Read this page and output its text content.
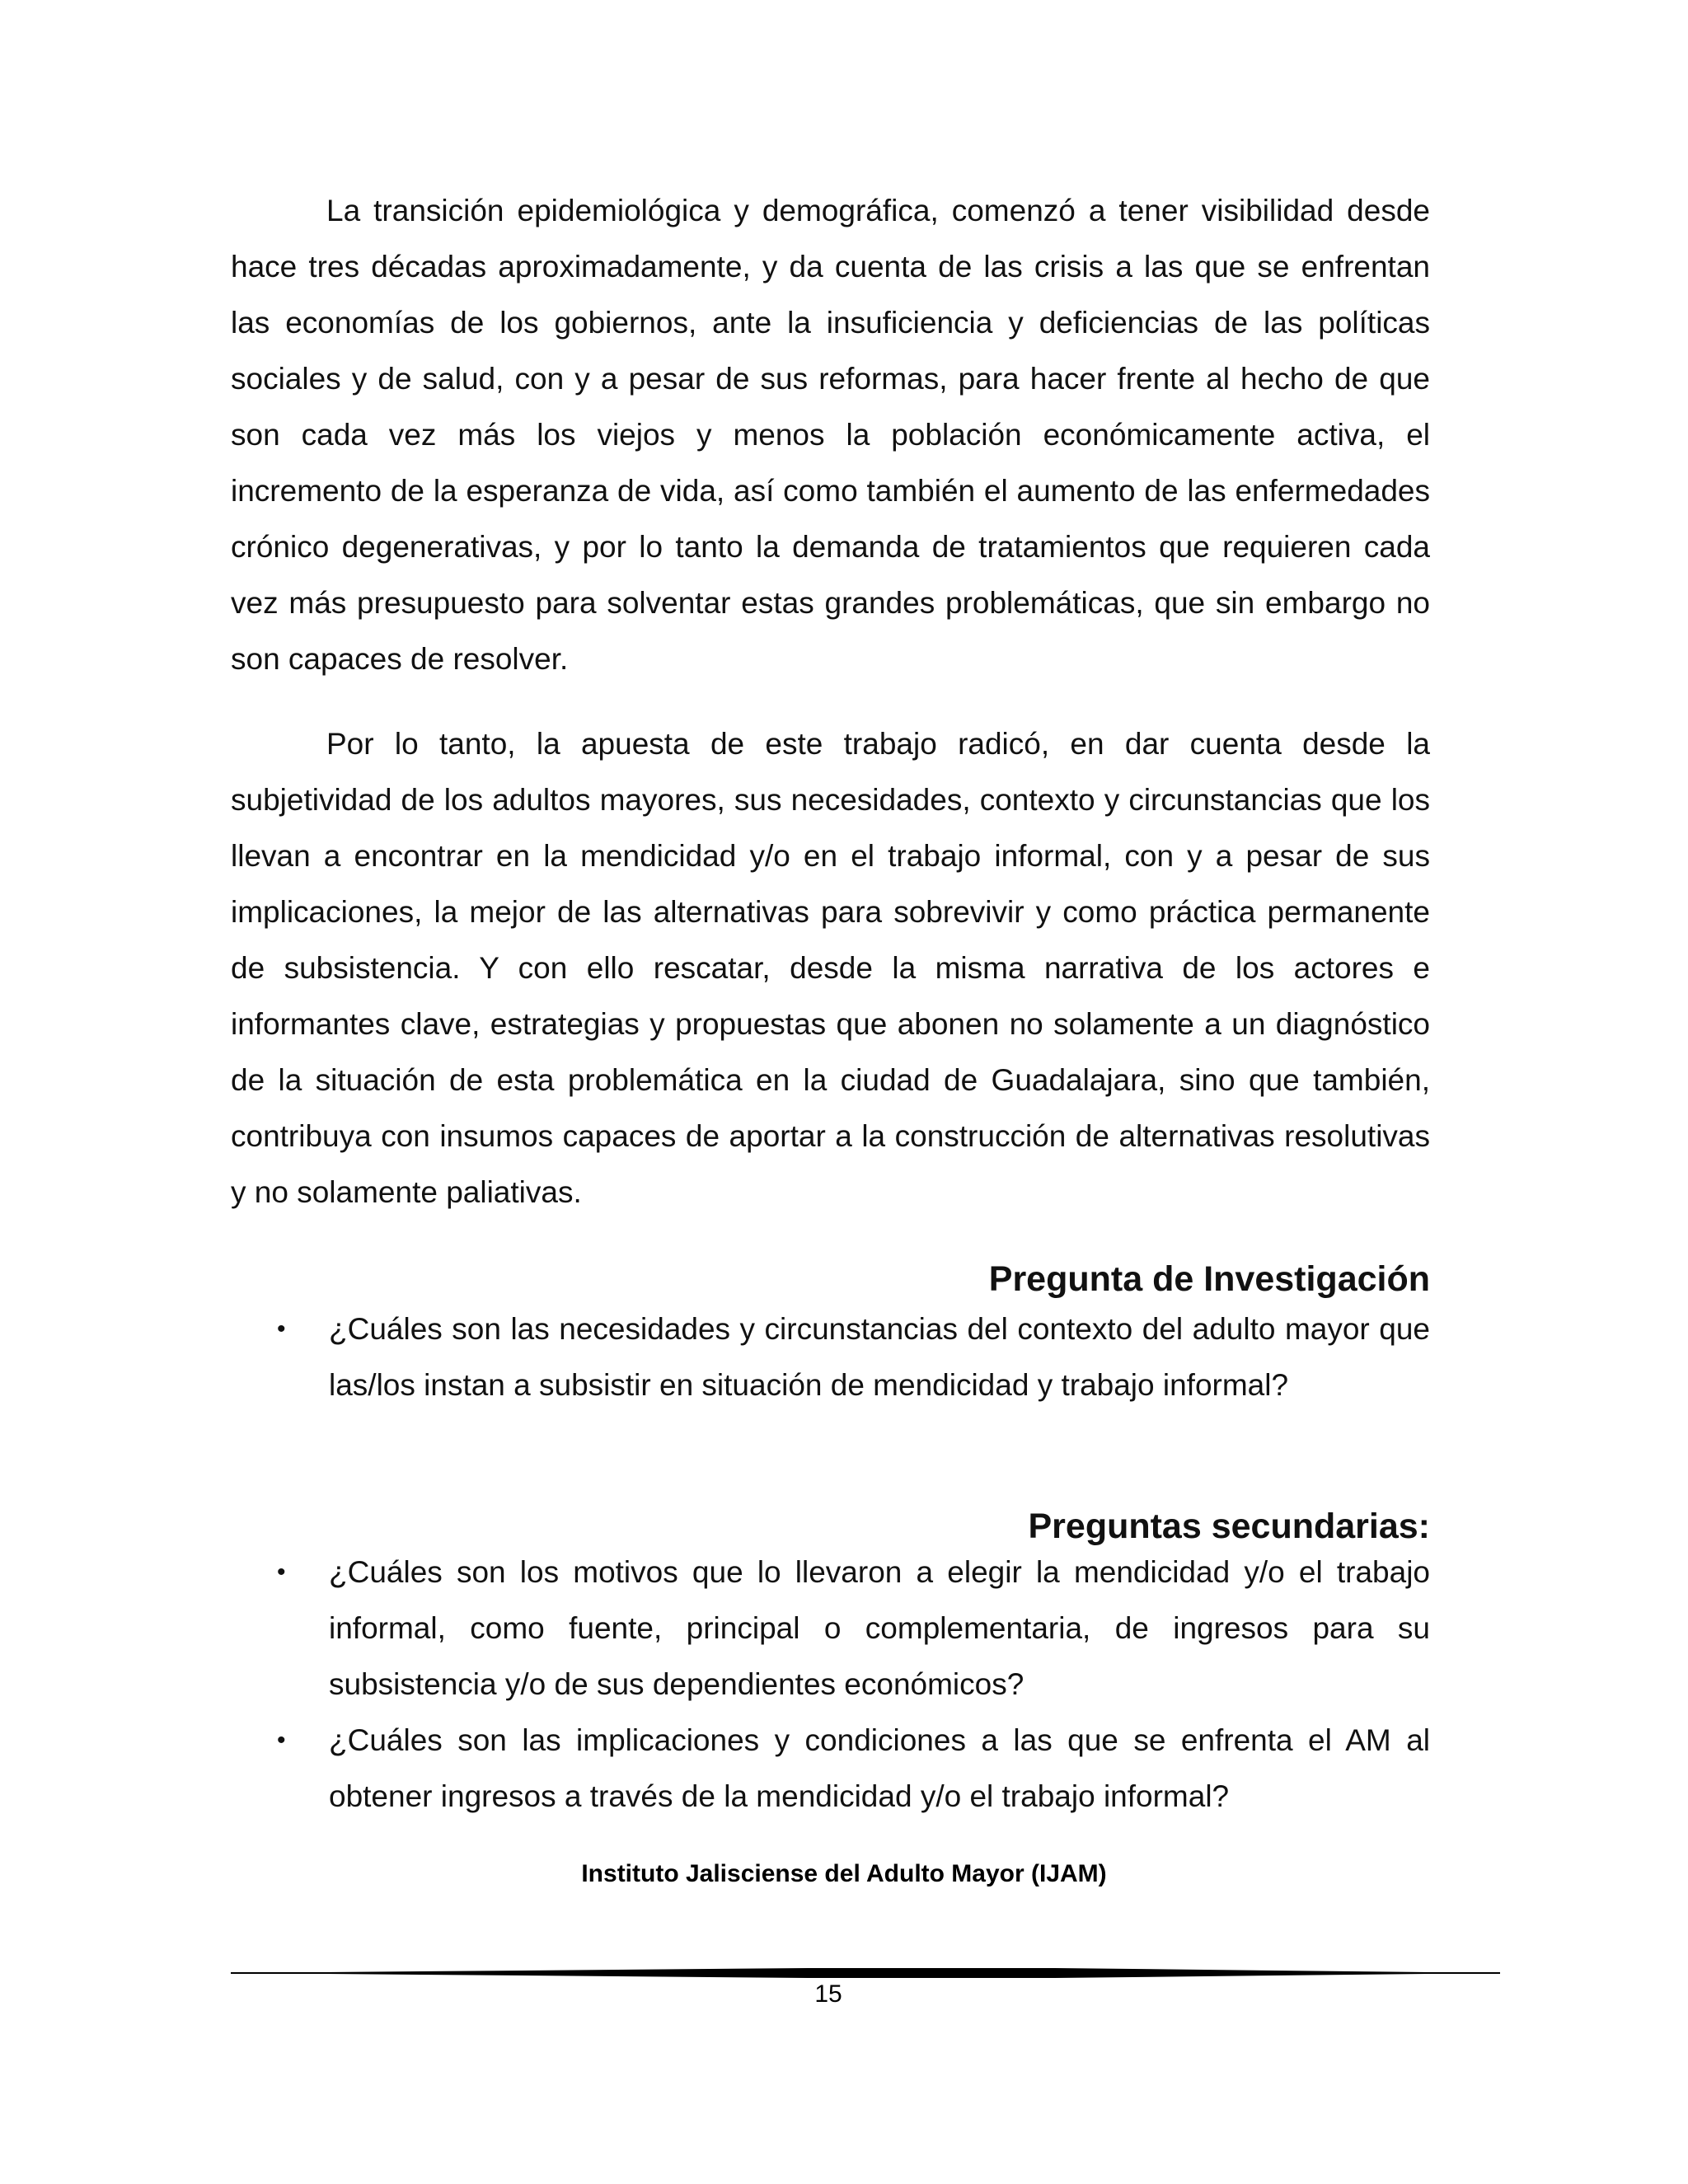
La transición epidemiológica y demográfica, comenzó a tener visibilidad desde hace tres décadas aproximadamente, y da cuenta de las crisis a las que se enfrentan las economías de los gobiernos, ante la insuficiencia y deficiencias de las políticas sociales y de salud, con y a pesar de sus reformas, para hacer frente al hecho de que son cada vez más los viejos y menos la población económicamente activa, el incremento de la esperanza de vida, así como también el aumento de las enfermedades crónico degenerativas, y por lo tanto la demanda de tratamientos que requieren cada vez más presupuesto para solventar estas grandes problemáticas, que sin embargo no son capaces de resolver.

Por lo tanto, la apuesta de este trabajo radicó, en dar cuenta desde la subjetividad de los adultos mayores, sus necesidades, contexto y circunstancias que los llevan a encontrar en la mendicidad y/o en el trabajo informal, con y a pesar de sus implicaciones, la mejor de las alternativas para sobrevivir y como práctica permanente de subsistencia. Y con ello rescatar, desde la misma narrativa de los actores e informantes clave, estrategias y propuestas que abonen no solamente a un diagnóstico de la situación de esta problemática en la ciudad de Guadalajara, sino que también, contribuya con insumos capaces de aportar a la construcción de alternativas resolutivas y no solamente paliativas.

Pregunta de Investigación
• ¿Cuáles son las necesidades y circunstancias del contexto del adulto mayor que las/los instan a subsistir en situación de mendicidad y trabajo informal?
Preguntas secundarias:
• ¿Cuáles son los motivos que lo llevaron a elegir la mendicidad y/o el trabajo informal, como fuente, principal o complementaria, de ingresos para su subsistencia y/o de sus dependientes económicos?
• ¿Cuáles son las implicaciones y condiciones a las que se enfrenta el AM al obtener ingresos a través de la mendicidad y/o el trabajo informal?
Instituto Jalisciense del Adulto Mayor (IJAM)
15
